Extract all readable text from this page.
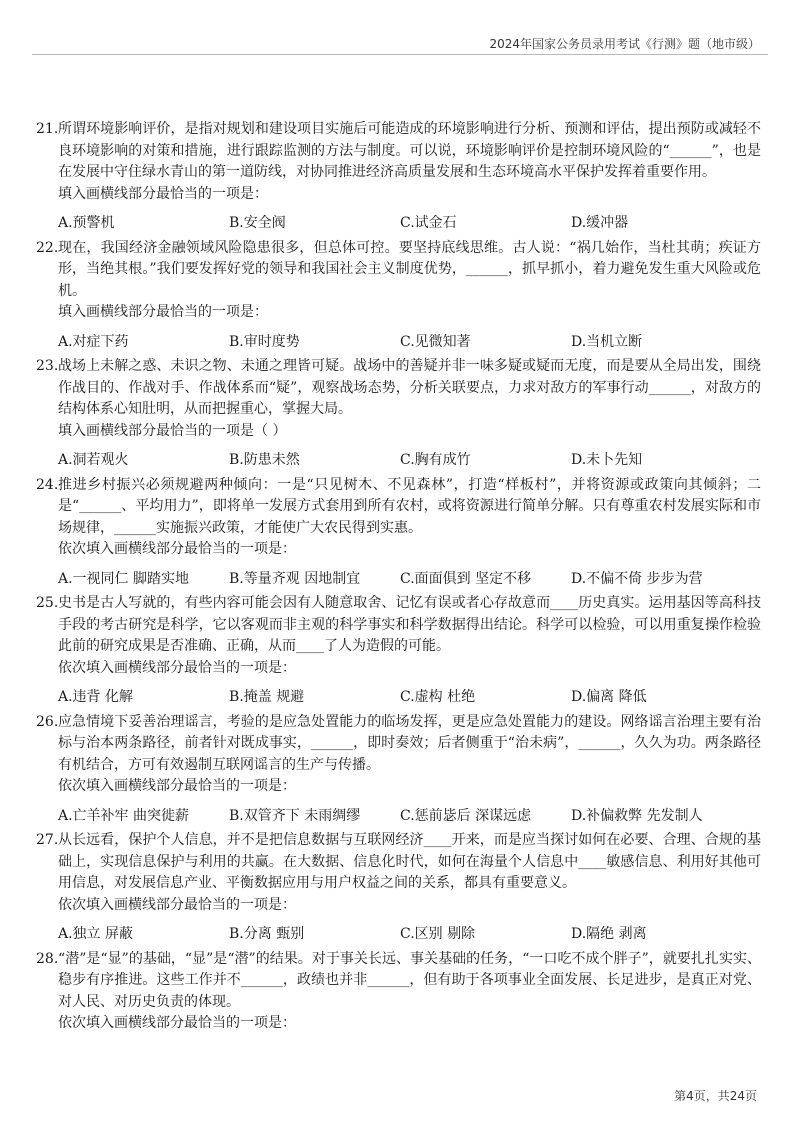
2024年国家公务员录用考试《行测》题（地市级）
21. 所谓环境影响评价，是指对规划和建设项目实施后可能造成的环境影响进行分析、预测和评估，提出预防或减轻不良环境影响的对策和措施，进行跟踪监测的方法与制度。可以说，环境影响评价是控制环境风险的“______”，也是在发展中守住绿水青山的第一道防线，对协同推进经济高质量发展和生态环境高水平保护发挥着重要作用。
填入画横线部分最恰当的一项是：
A.预警机	B.安全阀	C.试金石	D.缓冲器
22. 现在，我国经济金融领域风险隐患很多，但总体可控。要坚持底线思维。古人说：“祸几始作，当杜其萌；疾证方形，当绝其根。”我们要发挥好党的领导和我国社会主义制度优势，______，抓早抓小，着力避免发生重大风险或危机。
填入画横线部分最恰当的一项是：
A.对症下药	B.审时度势	C.见微知著	D.当机立断
23. 战场上未解之惑、未识之物、未通之理皆可疑。战场中的善疑并非一味多疑或疑而无度，而是要从全局出发，围绕作战目的、作战对手、作战体系而“疑”，观察战场态势，分析关联要点，力求对敌方的军事行动______，对敌方的结构体系心知肚明，从而把握重心，掌握大局。
填入画横线部分最恰当的一项是（ ）
A.洞若观火	B.防患未然	C.胸有成竹	D.未卜先知
24. 推进乡村振兴必须规避两种倾向：一是“只见树木、不见森林”，打造“样板村”，并将资源或政策向其倾斜；二是“______、平均用力”，即将单一发展方式套用到所有农村，或将资源进行简单分解。只有尊重农村发展实际和市场规律，______实施振兴政策，才能使广大农民得到实惠。
依次填入画横线部分最恰当的一项是：
A.一视同仁 脚踏实地	B.等量齐观 因地制宜	C.面面俱到 坚定不移	D.不偏不倚 步步为营
25. 史书是古人写就的，有些内容可能会因有人随意取舍、记忆有误或者心存故意而____历史真实。运用基因等高科技手段的考古研究是科学，它以客观而非主观的科学事实和科学数据得出结论。科学可以检验，可以用重复操作检验此前的研究成果是否准确、正确，从而____了人为造假的可能。
依次填入画横线部分最恰当的一项是：
A.违背 化解	B.掩盖 规避	C.虚构 杜绝	D.偏离 降低
26. 应急情境下妥善治理谣言，考验的是应急处置能力的临场发挥，更是应急处置能力的建设。网络谣言治理主要有治标与治本两条路径，前者针对既成事实，______，即时奏效；后者侧重于“治未病”，______，久久为功。两条路径有机结合，方可有效遏制互联网谣言的生产与传播。
依次填入画横线部分最恰当的一项是：
A.亡羊补牢 曲突徙薪	B.双管齐下 未雨绸缪	C.惩前毖后 深谋远虑	D.补偏救弊 先发制人
27. 从长远看，保护个人信息，并不是把信息数据与互联网经济____开来，而是应当探讨如何在必要、合理、合规的基础上，实现信息保护与利用的共赢。在大数据、信息化时代，如何在海量个人信息中____敏感信息、利用好其他可用信息，对发展信息产业、平衡数据应用与用户权益之间的关系，都具有重要意义。
依次填入画横线部分最恰当的一项是：
A.独立 屏蔽	B.分离 甄别	C.区别 剔除	D.隔绝 剥离
28. “潜”是“显”的基础，“显”是“潜”的结果。对于事关长远、事关基础的任务，“一口吃不成个胖子”，就要扎扎实实、稳步有序推进。这些工作并不______，政绩也并非______，但有助于各项事业全面发展、长足进步，是真正对党、对人民、对历史负责的体现。
依次填入画横线部分最恰当的一项是：
第4页，共24页
